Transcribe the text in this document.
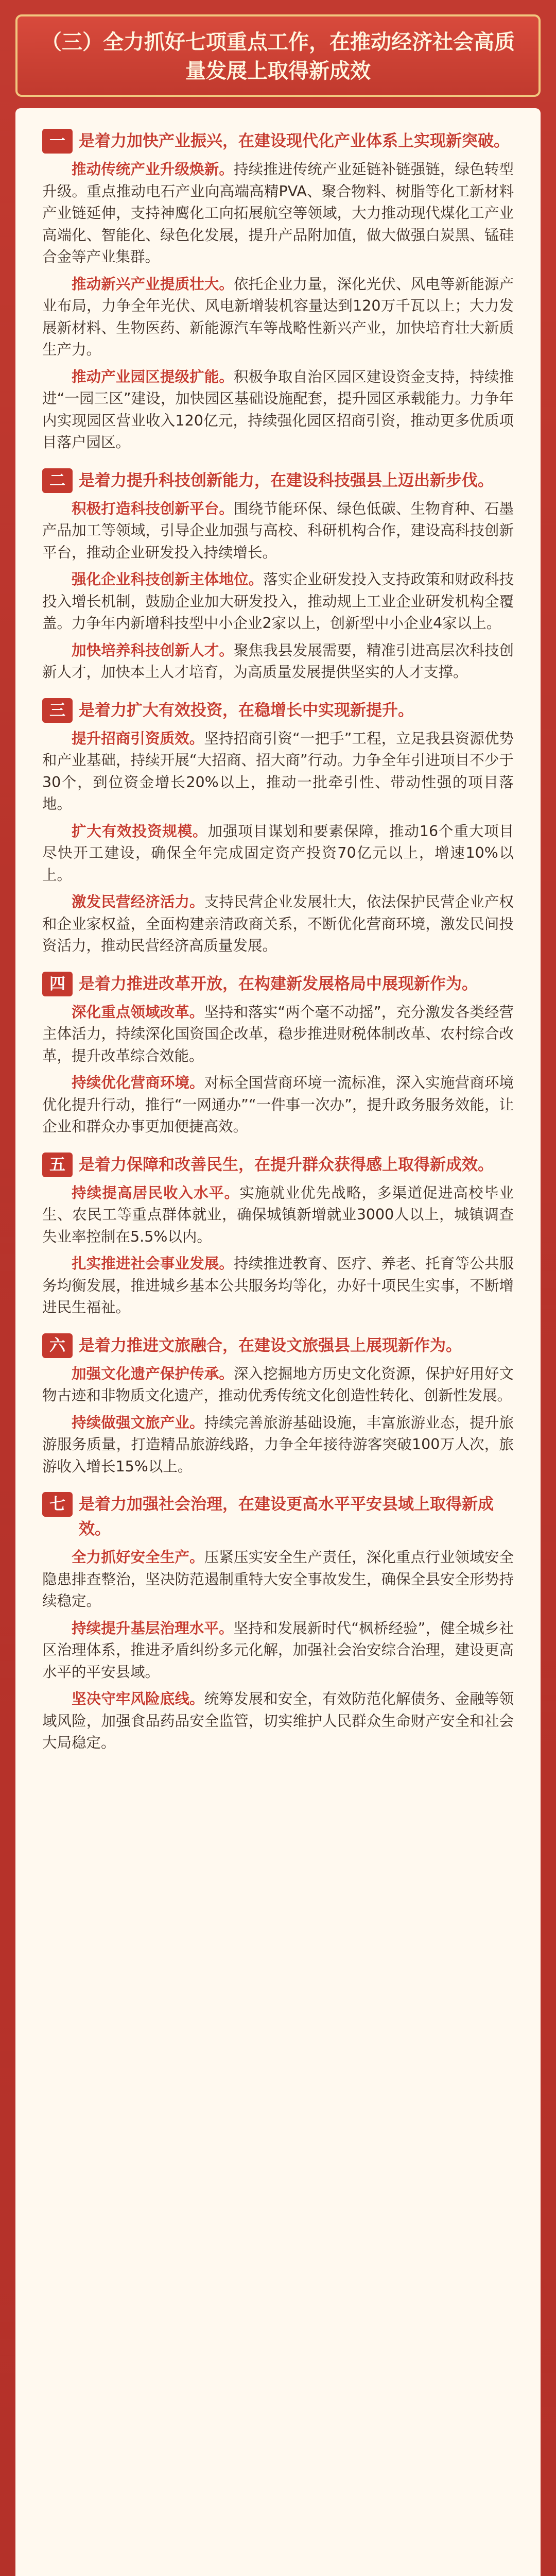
（三）全力抓好七项重点工作，在推动经济社会高质量发展上取得新成效
一 是着力加快产业振兴，在建设现代化产业体系上实现新突破。
推动传统产业升级焕新。持续推进传统产业延链补链强链，绿色转型升级。重点推动电石产业向高端高精PVA、聚合物料、树脂等化工新材料产业链延伸，支持神鹰化工向拓展航空等领域，大力推动现代煤化工产业高端化、智能化、绿色化发展，提升产品附加值，做大做强白炭黑、锰硅合金等产业集群。
推动新兴产业提质壮大。依托企业力量，深化光伏、风电等新能源产业布局，力争全年光伏、风电新增装机容量达到120万千瓦以上；大力发展新材料、生物医药、新能源汽车等战略性新兴产业，加快培育壮大新质生产力。
推动产业园区提级扩能。积极争取自治区园区建设资金支持，持续推进“一园三区”建设，加快园区基础设施配套，提升园区承载能力。力争年内实现园区营业收入120亿元，持续强化园区招商引资，推动更多优质项目落户园区。
二 是着力提升科技创新能力，在建设科技强县上迈出新步伐。
积极打造科技创新平台。围绕节能环保、绿色低碳、生物育种、石墨产品加工等领域，引导企业加强与高校、科研机构合作，建设高科技创新平台，推动企业研发投入持续增长。
强化企业科技创新主体地位。落实企业研发投入支持政策和财政科技投入增长机制，鼓励企业加大研发投入，推动规上工业企业研发机构全覆盖。力争年内新增科技型中小企业2家以上，创新型中小企业4家以上。
加快培养科技创新人才。聚焦我县发展需要，精准引进高层次科技创新人才，加快本土人才培育，为高质量发展提供坚实的人才支撑。
三 是着力扩大有效投资，在稳增长中实现新提升。
提升招商引资质效。坚持招商引资“一把手”工程，立足我县资源优势和产业基础，持续开展“大招商、招大商”行动。力争全年引进项目不少于30个，到位资金增长20%以上，推动一批牵引性、带动性强的项目落地。
扩大有效投资规模。加强项目谋划和要素保障，推动16个重大项目尽快开工建设，确保全年完成固定资产投资70亿元以上，增速10%以上。
激发民营经济活力。支持民营企业发展壮大，依法保护民营企业产权和企业家权益，全面构建亲清政商关系，不断优化营商环境，激发民间投资活力，推动民营经济高质量发展。
四 是着力推进改革开放，在构建新发展格局中展现新作为。
深化重点领域改革。坚持和落实“两个毫不动摇”，充分激发各类经营主体活力，持续深化国资国企改革，稳步推进财税体制改革、农村综合改革，提升改革综合效能。
持续优化营商环境。对标全国营商环境一流标准，深入实施营商环境优化提升行动，推行“一网通办”“一件事一次办”，提升政务服务效能，让企业和群众办事更加便捷高效。
五 是着力保障和改善民生，在提升群众获得感上取得新成效。
持续提高居民收入水平。实施就业优先战略，多渠道促进高校毕业生、农民工等重点群体就业，确保城镇新增就业3000人以上，城镇调查失业率控制在5.5%以内。
扎实推进社会事业发展。持续推进教育、医疗、养老、托育等公共服务均衡发展，推进城乡基本公共服务均等化，办好十项民生实事，不断增进民生福祉。
六 是着力推进文旅融合，在建设文旅强县上展现新作为。
加强文化遗产保护传承。深入挖掘地方历史文化资源，保护好用好文物古迹和非物质文化遗产，推动优秀传统文化创造性转化、创新性发展。
持续做强文旅产业。持续完善旅游基础设施，丰富旅游业态，提升旅游服务质量，打造精品旅游线路，力争全年接待游客突破100万人次，旅游收入增长15%以上。
七 是着力加强社会治理，在建设更高水平平安县域上取得新成效。
全力抓好安全生产。压紧压实安全生产责任，深化重点行业领域安全隐患排查整治，坚决防范遏制重特大安全事故发生，确保全县安全形势持续稳定。
持续提升基层治理水平。坚持和发展新时代“枫桥经验”，健全城乡社区治理体系，推进矛盾纠纷多元化解，加强社会治安综合治理，建设更高水平的平安县域。
坚决守牢风险底线。统筹发展和安全，有效防范化解债务、金融等领域风险，加强食品药品安全监管，切实维护人民群众生命财产安全和社会大局稳定。
